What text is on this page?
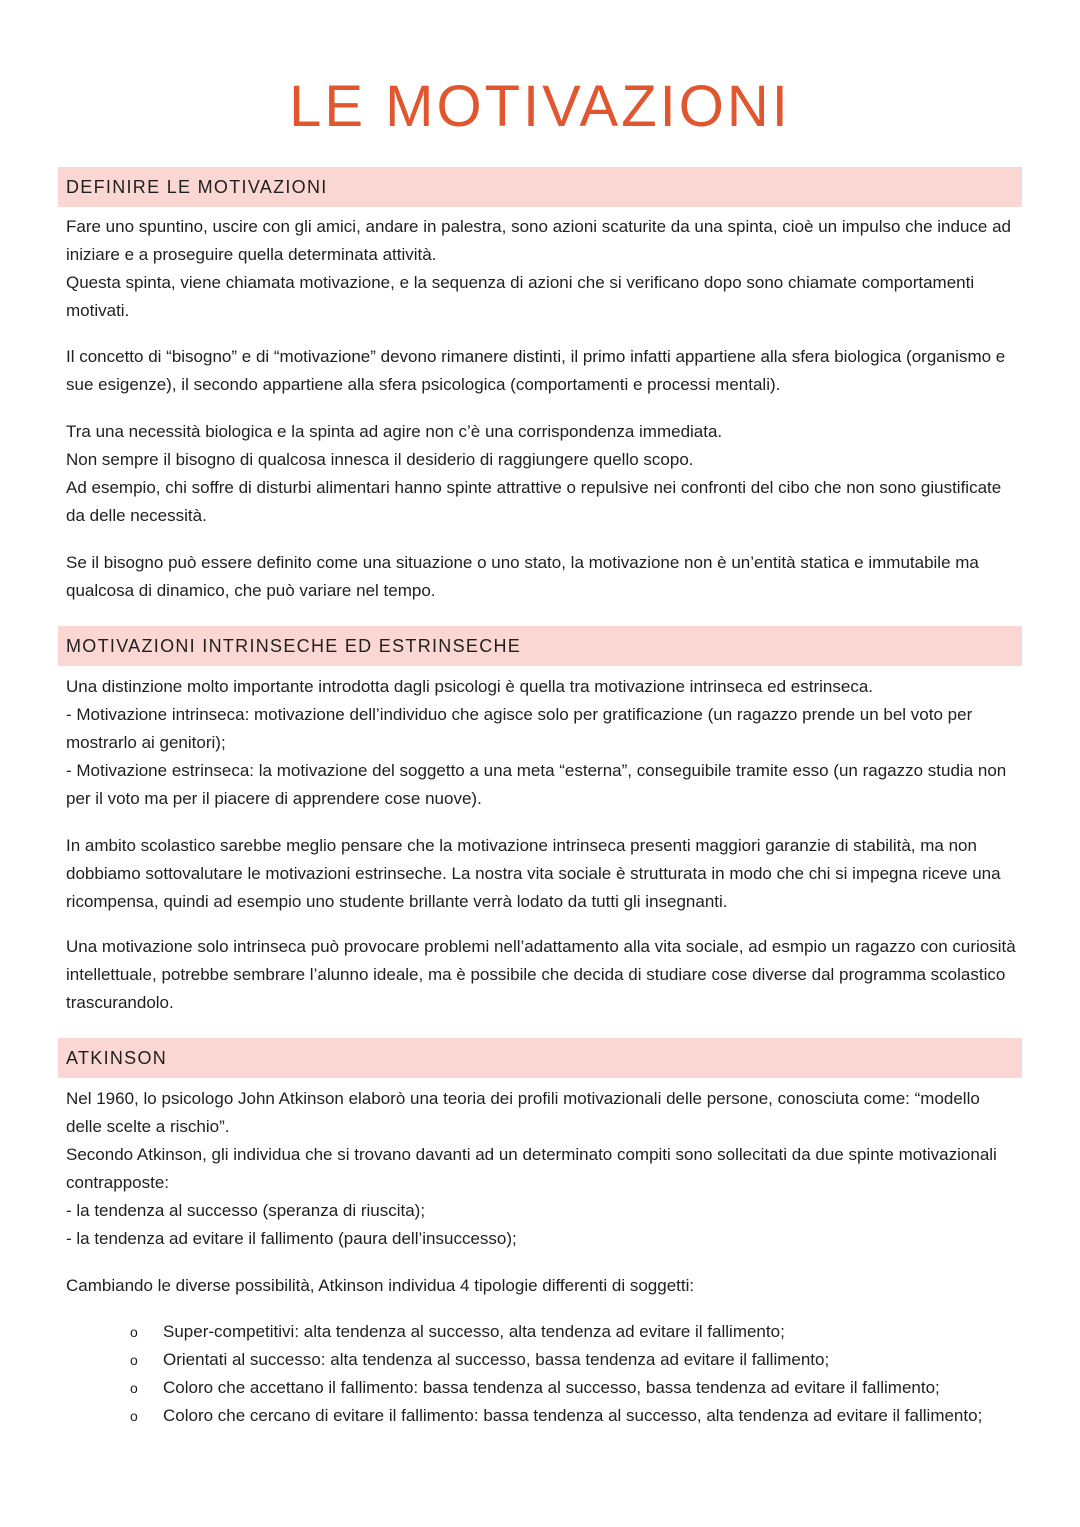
LE MOTIVAZIONI
DEFINIRE LE MOTIVAZIONI

Fare uno spuntino, uscire con gli amici, andare in palestra, sono azioni scaturite da una spinta, cioè un impulso che induce ad iniziare e a proseguire quella determinata attività.

Questa spinta, viene chiamata motivazione, e la sequenza di azioni che si verificano dopo sono chiamate comportamenti motivati.

Il concetto di “bisogno” e di “motivazione” devono rimanere distinti, il primo infatti appartiene alla sfera biologica (organismo e sue esigenze), il secondo appartiene alla sfera psicologica (comportamenti e processi mentali).

Tra una necessità biologica e la spinta ad agire non c’è una corrispondenza immediata.

Non sempre il bisogno di qualcosa innesca il desiderio di raggiungere quello scopo.

Ad esempio, chi soffre di disturbi alimentari hanno spinte attrattive o repulsive nei confronti del cibo che non sono giustificate da delle necessità.

Se il bisogno può essere definito come una situazione o uno stato, la motivazione non è un’entità statica e immutabile ma qualcosa di dinamico, che può variare nel tempo.

MOTIVAZIONI INTRINSECHE ED ESTRINSECHE

Una distinzione molto importante introdotta dagli psicologi è quella tra motivazione intrinseca ed estrinseca.

- Motivazione intrinseca: motivazione dell’individuo che agisce solo per gratificazione (un ragazzo prende un bel voto per mostrarlo ai genitori);

- Motivazione estrinseca: la motivazione del soggetto a una meta “esterna”, conseguibile tramite esso (un ragazzo studia non per il voto ma per il piacere di apprendere cose nuove).

In ambito scolastico sarebbe meglio pensare che la motivazione intrinseca presenti maggiori garanzie di stabilità, ma non dobbiamo sottovalutare le motivazioni estrinseche. La nostra vita sociale è strutturata in modo che chi si impegna riceve una ricompensa, quindi ad esempio uno studente brillante verrà lodato da tutti gli insegnanti.

Una motivazione solo intrinseca può provocare problemi nell’adattamento alla vita sociale, ad esmpio un ragazzo con curiosità intellettuale, potrebbe sembrare l’alunno ideale, ma è possibile che decida di studiare cose diverse dal programma scolastico trascurandolo.

ATKINSON

Nel 1960, lo psicologo John Atkinson elaborò una teoria dei profili motivazionali delle persone, conosciuta come: “modello delle scelte a rischio”.

Secondo Atkinson, gli individua che si trovano davanti ad un determinato compiti sono sollecitati da due spinte motivazionali contrapposte:

- la tendenza al successo (speranza di riuscita);

- la tendenza ad evitare il fallimento (paura dell’insuccesso);

Cambiando le diverse possibilità, Atkinson individua 4 tipologie differenti di soggetti:

o Super-competitivi: alta tendenza al successo, alta tendenza ad evitare il fallimento;
o Orientati al successo: alta tendenza al successo, bassa tendenza ad evitare il fallimento;
o Coloro che accettano il fallimento: bassa tendenza al successo, bassa tendenza ad evitare il fallimento;
o Coloro che cercano di evitare il fallimento: bassa tendenza al successo, alta tendenza ad evitare il fallimento;
